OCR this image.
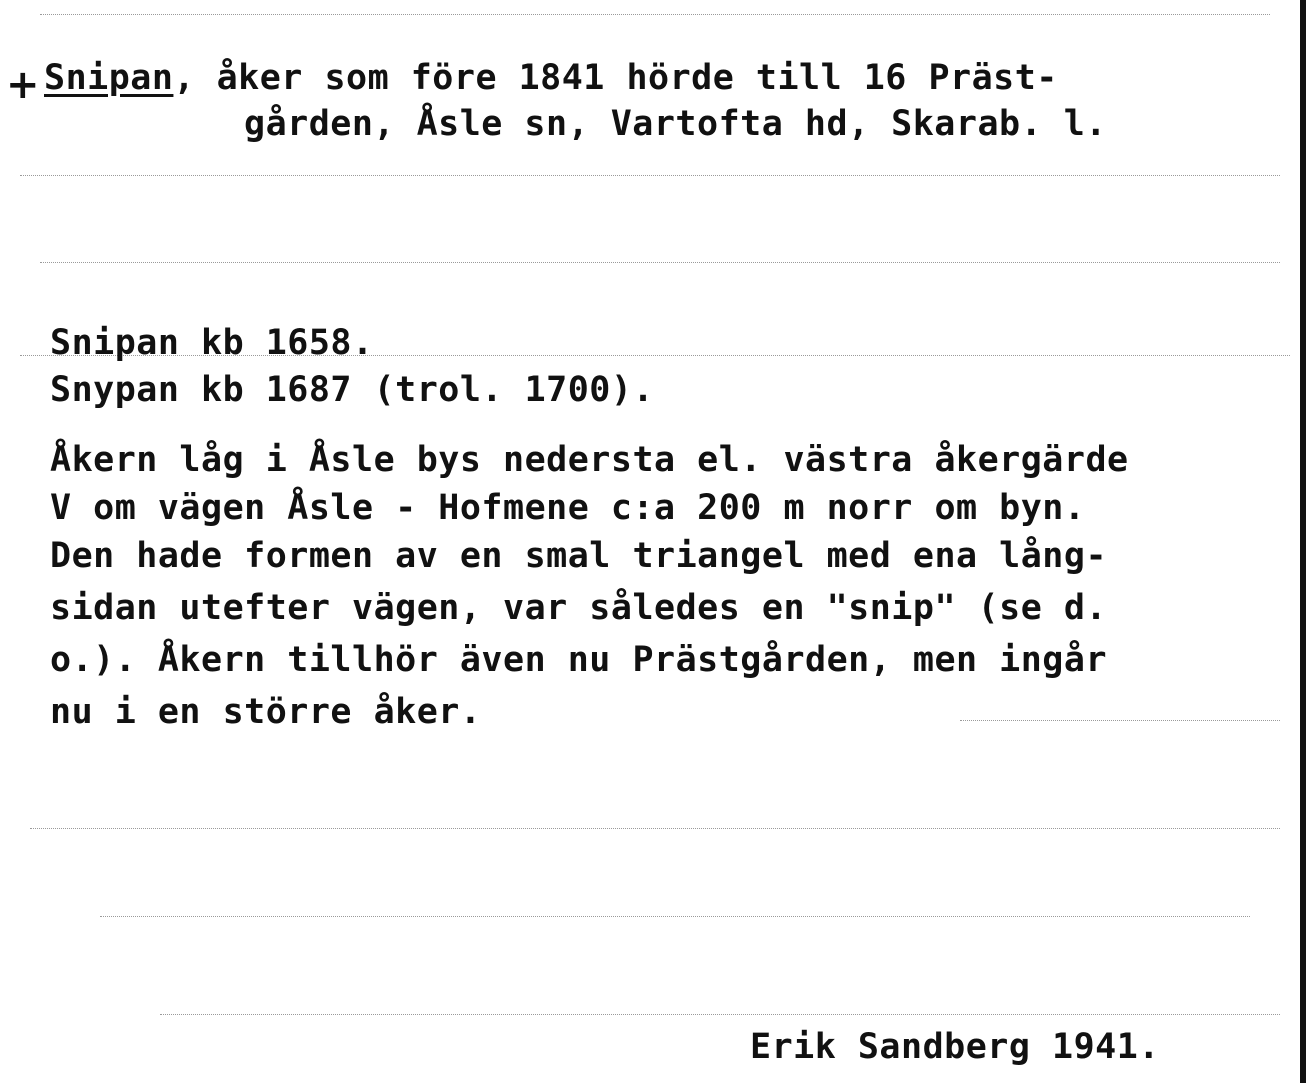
+ Snipan, åker som före 1841 hörde till 16 Präst-
gården, Åsle sn, Vartofta hd, Skarab. l.
Snipan kb 1658.
Snypan kb 1687 (trol. 1700).
Åkern låg i Åsle bys nedersta el. västra åkergärde
V om vägen Åsle - Hofmene c:a 200 m norr om byn.
Den hade formen av en smal triangel med ena lång-
sidan utefter vägen, var således en "snip" (se d.
o.). Åkern tillhör även nu Prästgården, men ingår
nu i en större åker.
Erik Sandberg 1941.
